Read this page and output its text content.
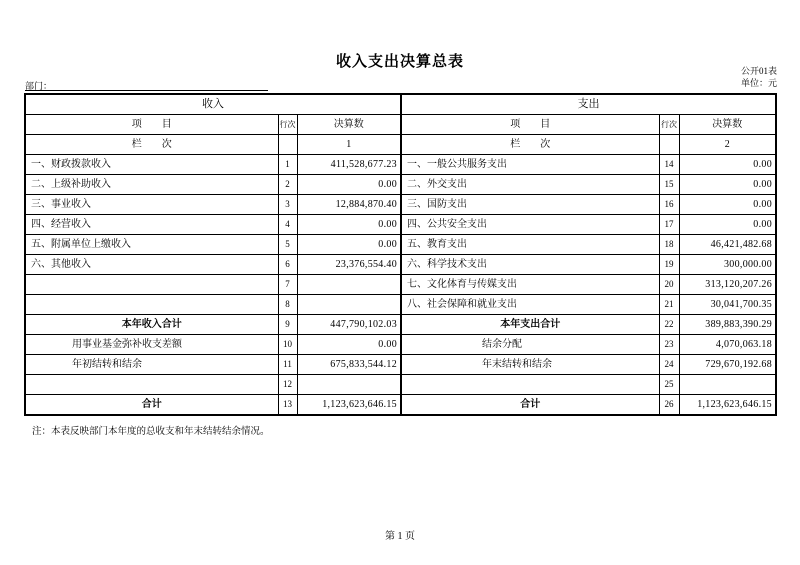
收入支出决算总表
公开01表
单位：元
部门：
收入			支出		
项　　目	行次	决算数	项　　目	行次	决算数
栏　　次		1	栏　　次		2
一、财政拨款收入	1	411,528,677.23	一、一般公共服务支出	14	0.00
二、上级补助收入	2	0.00	二、外交支出	15	0.00
三、事业收入	3	12,884,870.40	三、国防支出	16	0.00
四、经营收入	4	0.00	四、公共安全支出	17	0.00
五、附属单位上缴收入	5	0.00	五、教育支出	18	46,421,482.68
六、其他收入	6	23,376,554.40	六、科学技术支出	19	300,000.00
	7		七、文化体育与传媒支出	20	313,120,207.26
	8		八、社会保障和就业支出	21	30,041,700.35
本年收入合计	9	447,790,102.03	本年支出合计	22	389,883,390.29
用事业基金弥补收支差额	10	0.00	结余分配	23	4,070,063.18
年初结转和结余	11	675,833,544.12	年末结转和结余	24	729,670,192.68
	12			25	
合计	13	1,123,623,646.15	合计	26	1,123,623,646.15
注：本表反映部门本年度的总收支和年末结转结余情况。
第 1 页
